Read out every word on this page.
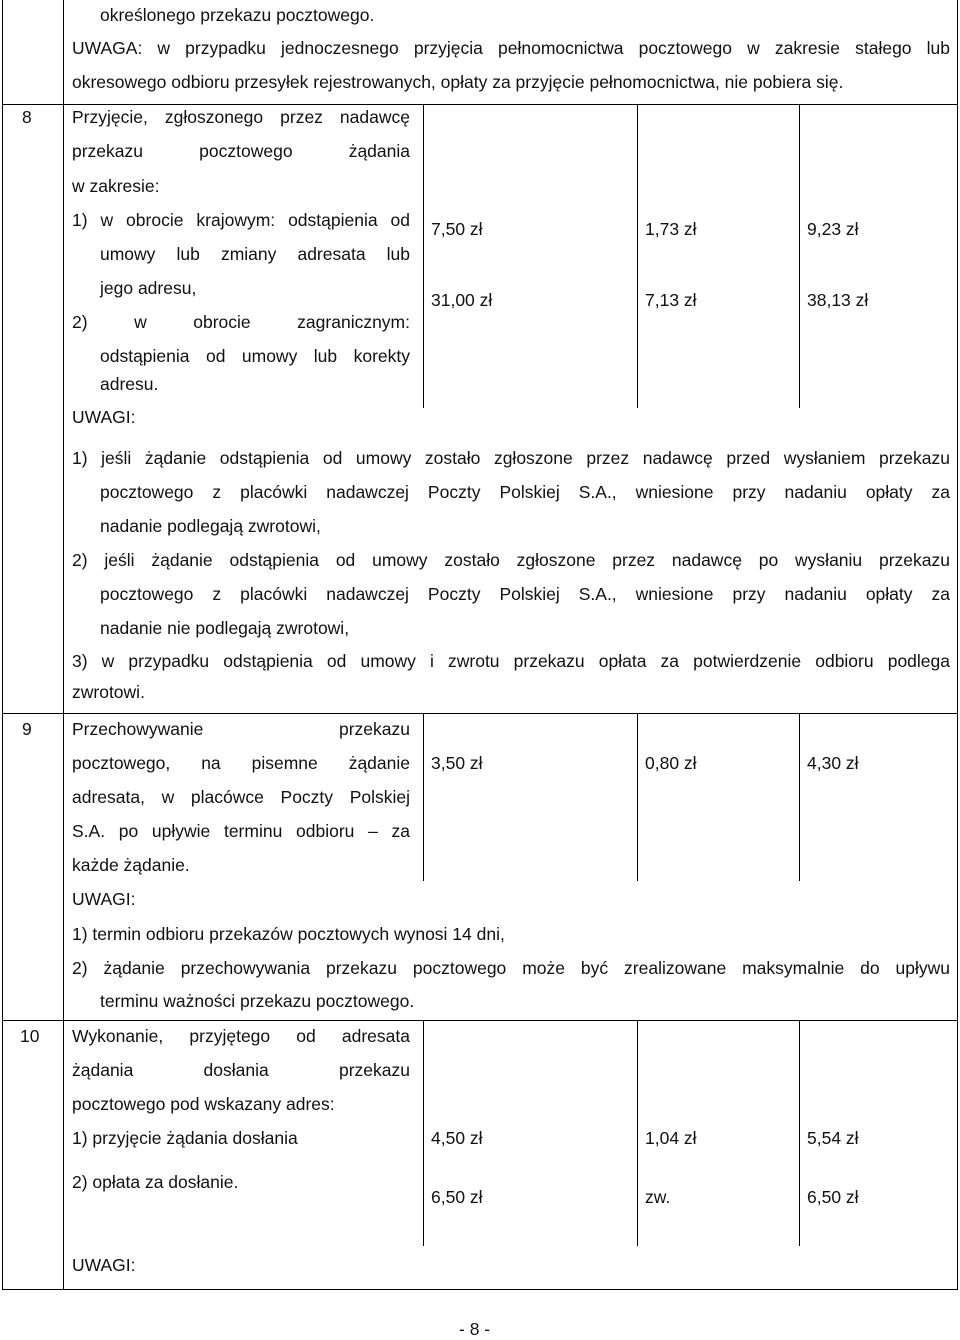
określonego przekazu pocztowego.
UWAGA: w przypadku jednoczesnego przyjęcia pełnomocnictwa pocztowego w zakresie stałego lub
okresowego odbioru przesyłek rejestrowanych, opłaty za przyjęcie pełnomocnictwa, nie pobiera się.
8 Przyjęcie, zgłoszonego przez nadawcę
przekazu pocztowego żądania
w zakresie:
1) w obrocie krajowym: odstąpienia od
umowy lub zmiany adresata lub
jego adresu,
2) w obrocie zagranicznym:
odstąpienia od umowy lub korekty
adresu.
7,50 zł
31,00 zł
1,73 zł
7,13 zł
9,23 zł
38,13 zł
UWAGI:
1) jeśli żądanie odstąpienia od umowy zostało zgłoszone przez nadawcę przed wysłaniem przekazu
pocztowego z placówki nadawczej Poczty Polskiej S.A., wniesione przy nadaniu opłaty za
nadanie podlegają zwrotowi,
2) jeśli żądanie odstąpienia od umowy zostało zgłoszone przez nadawcę po wysłaniu przekazu
pocztowego z placówki nadawczej Poczty Polskiej S.A., wniesione przy nadaniu opłaty za
nadanie nie podlegają zwrotowi,
3) w przypadku odstąpienia od umowy i zwrotu przekazu opłata za potwierdzenie odbioru podlega
zwrotowi.
9 Przechowywanie przekazu
pocztowego, na pisemne żądanie
adresata, w placówce Poczty Polskiej
S.A. po upływie terminu odbioru – za
każde żądanie.
3,50 zł	0,80 zł	4,30 zł
UWAGI:
1) termin odbioru przekazów pocztowych wynosi 14 dni,
2) żądanie przechowywania przekazu pocztowego może być zrealizowane maksymalnie do upływu
terminu ważności przekazu pocztowego.
10 Wykonanie, przyjętego od adresata
żądania dosłania przekazu
pocztowego pod wskazany adres:
1) przyjęcie żądania dosłania
2) opłata za dosłanie.
4,50 zł
6,50 zł
1,04 zł
zw.
5,54 zł
6,50 zł
UWAGI:
- 8 -
